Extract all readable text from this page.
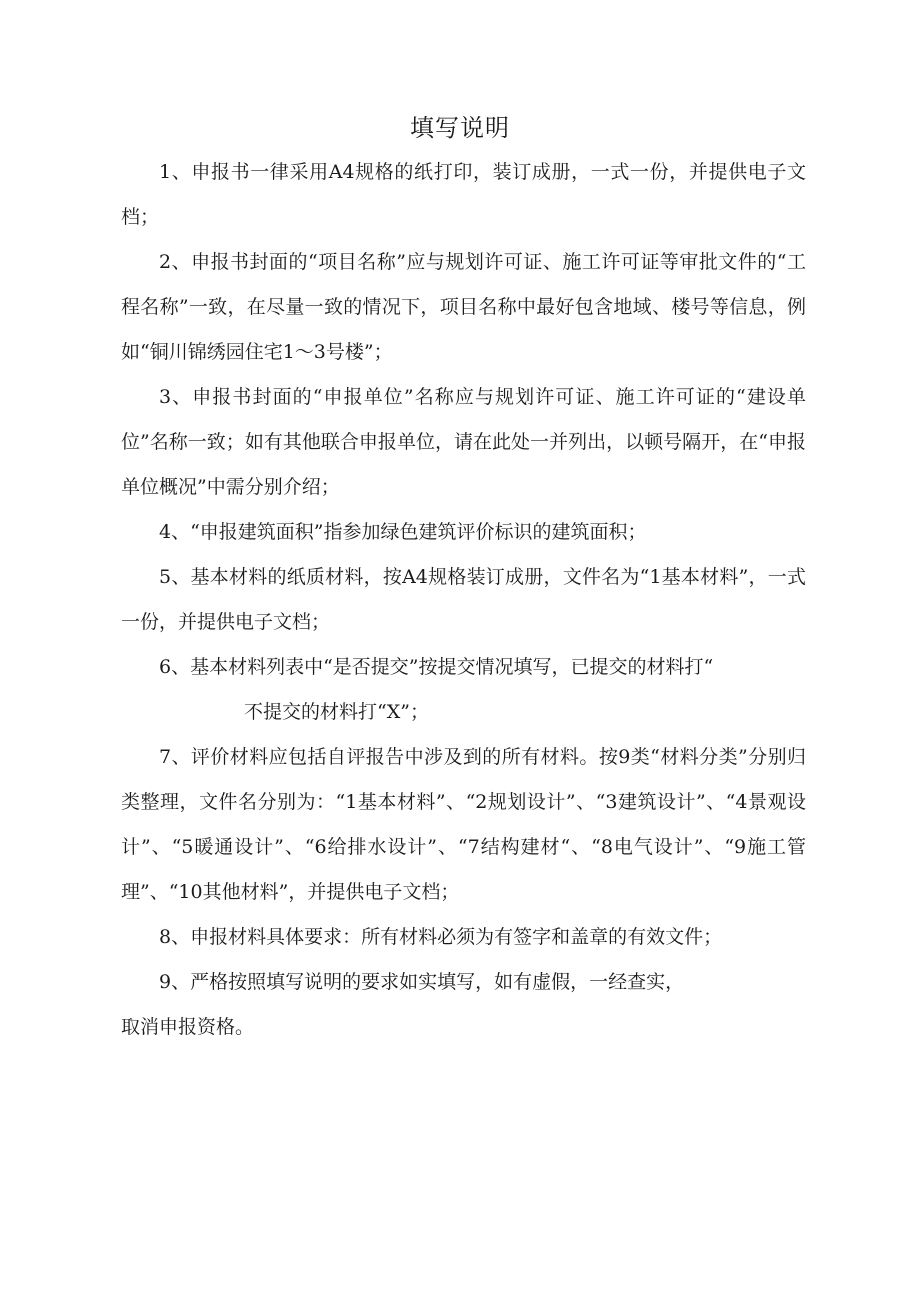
填写说明

1、申报书一律采用A4规格的纸打印，装订成册，一式一份，并提供电子文档；

2、申报书封面的“项目名称”应与规划许可证、施工许可证等审批文件的“工程名称”一致，在尽量一致的情况下，项目名称中最好包含地域、楼号等信息，例如“铜川锦绣园住宅1～3号楼”；

3、申报书封面的“申报单位”名称应与规划许可证、施工许可证的“建设单位”名称一致；如有其他联合申报单位，请在此处一并列出，以顿号隔开，在“申报单位概况”中需分别介绍；

4、“申报建筑面积”指参加绿色建筑评价标识的建筑面积；

5、基本材料的纸质材料，按A4规格装订成册，文件名为“1基本材料”，一式一份，并提供电子文档；

6、基本材料列表中“是否提交”按提交情况填写，已提交的材料打“

不提交的材料打“X”；

7、评价材料应包括自评报告中涉及到的所有材料。按9类“材料分类”分别归类整理，文件名分别为：“1基本材料”、“2规划设计”、“3建筑设计”、“4景观设计”、“5暖通设计”、“6给排水设计”、“7结构建材“、“8电气设计”、“9施工管理”、“10其他材料”，并提供电子文档；

8、申报材料具体要求：所有材料必须为有签字和盖章的有效文件；

9、严格按照填写说明的要求如实填写，如有虚假，一经查实，

取消申报资格。
